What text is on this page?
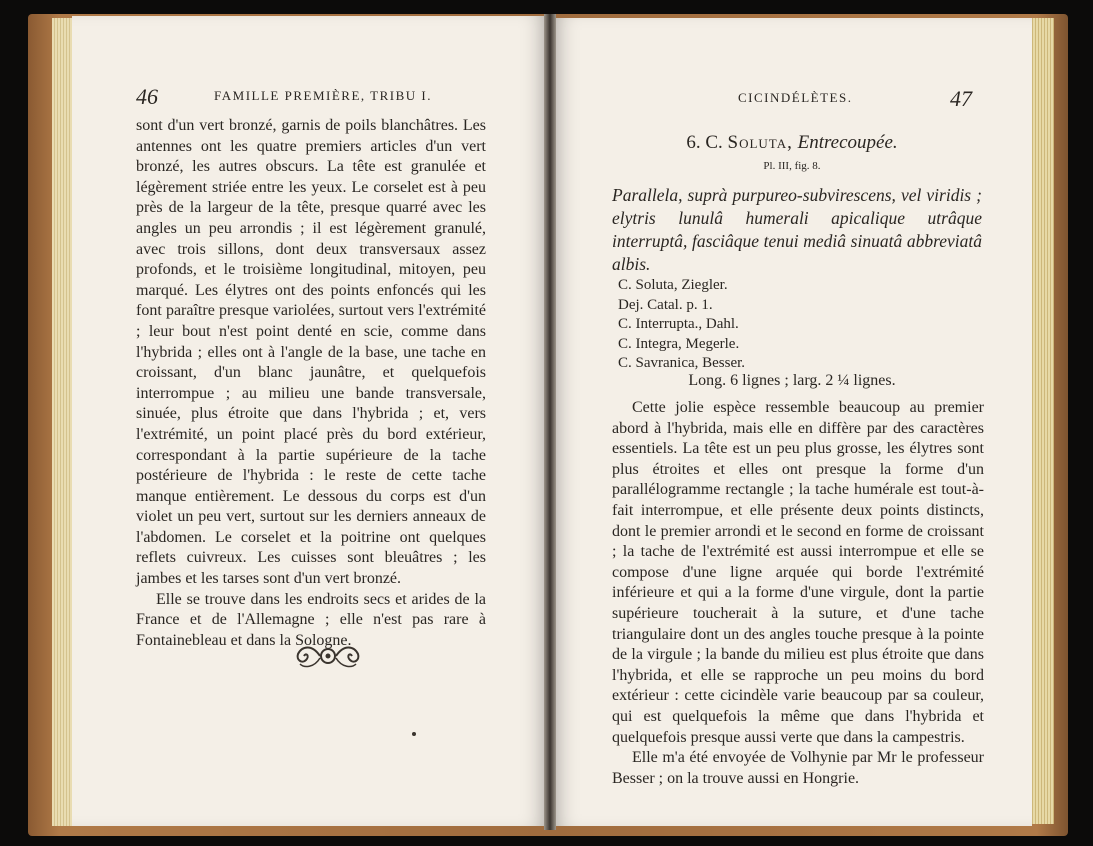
46	FAMILLE PREMIÈRE, TRIBU I.

sont d'un vert bronzé, garnis de poils blanchâtres. Les antennes ont les quatre premiers articles d'un vert bronzé, les autres obscurs. La tête est granulée et légèrement striée entre les yeux. Le corselet est à peu près de la largeur de la tête, presque quarré avec les angles un peu arrondis ; il est légèrement granulé, avec trois sillons, dont deux transversaux assez profonds, et le troisième longitudinal, mitoyen, peu marqué. Les élytres ont des points enfoncés qui les font paraître presque variolées, surtout vers l'extrémité ; leur bout n'est point denté en scie, comme dans l'hybrida ; elles ont à l'angle de la base, une tache en croissant, d'un blanc jaunâtre, et quelquefois interrompue ; au milieu une bande transversale, sinuée, plus étroite que dans l'hybrida ; et, vers l'extrémité, un point placé près du bord extérieur, correspondant à la partie supérieure de la tache postérieure de l'hybrida : le reste de cette tache manque entièrement. Le dessous du corps est d'un violet un peu vert, surtout sur les derniers anneaux de l'abdomen. Le corselet et la poitrine ont quelques reflets cuivreux. Les cuisses sont bleuâtres ; les jambes et les tarses sont d'un vert bronzé.

Elle se trouve dans les endroits secs et arides de la France et de l'Allemagne ; elle n'est pas rare à Fontainebleau et dans la Sologne.

CICINDÉLÈTES.	47
6. C. Soluta, Entrecoupée.
Pl. III, fig. 8.
Parallela, suprà purpureo-subvirescens, vel viridis ; elytris lunulâ humerali apicalique utrâque interruptâ, fasciâque tenui mediâ sinuatâ abbreviatâ albis.
C. Soluta, Ziegler.
Dej. Catal. p. 1.
C. Interrupta., Dahl.
C. Integra, Megerle.
C. Savranica, Besser.
Long. 6 lignes ; larg. 2 ¼ lignes.

Cette jolie espèce ressemble beaucoup au premier abord à l'hybrida, mais elle en diffère par des caractères essentiels. La tête est un peu plus grosse, les élytres sont plus étroites et elles ont presque la forme d'un parallélogramme rectangle ; la tache humérale est tout-à-fait interrompue, et elle présente deux points distincts, dont le premier arrondi et le second en forme de croissant ; la tache de l'extrémité est aussi interrompue et elle se compose d'une ligne arquée qui borde l'extrémité inférieure et qui a la forme d'une virgule, dont la partie supérieure toucherait à la suture, et d'une tache triangulaire dont un des angles touche presque à la pointe de la virgule ; la bande du milieu est plus étroite que dans l'hybrida, et elle se rapproche un peu moins du bord extérieur : cette cicindèle varie beaucoup par sa couleur, qui est quelquefois la même que dans l'hybrida et quelquefois presque aussi verte que dans la campestris.

Elle m'a été envoyée de Volhynie par Mr le professeur Besser ; on la trouve aussi en Hongrie.
